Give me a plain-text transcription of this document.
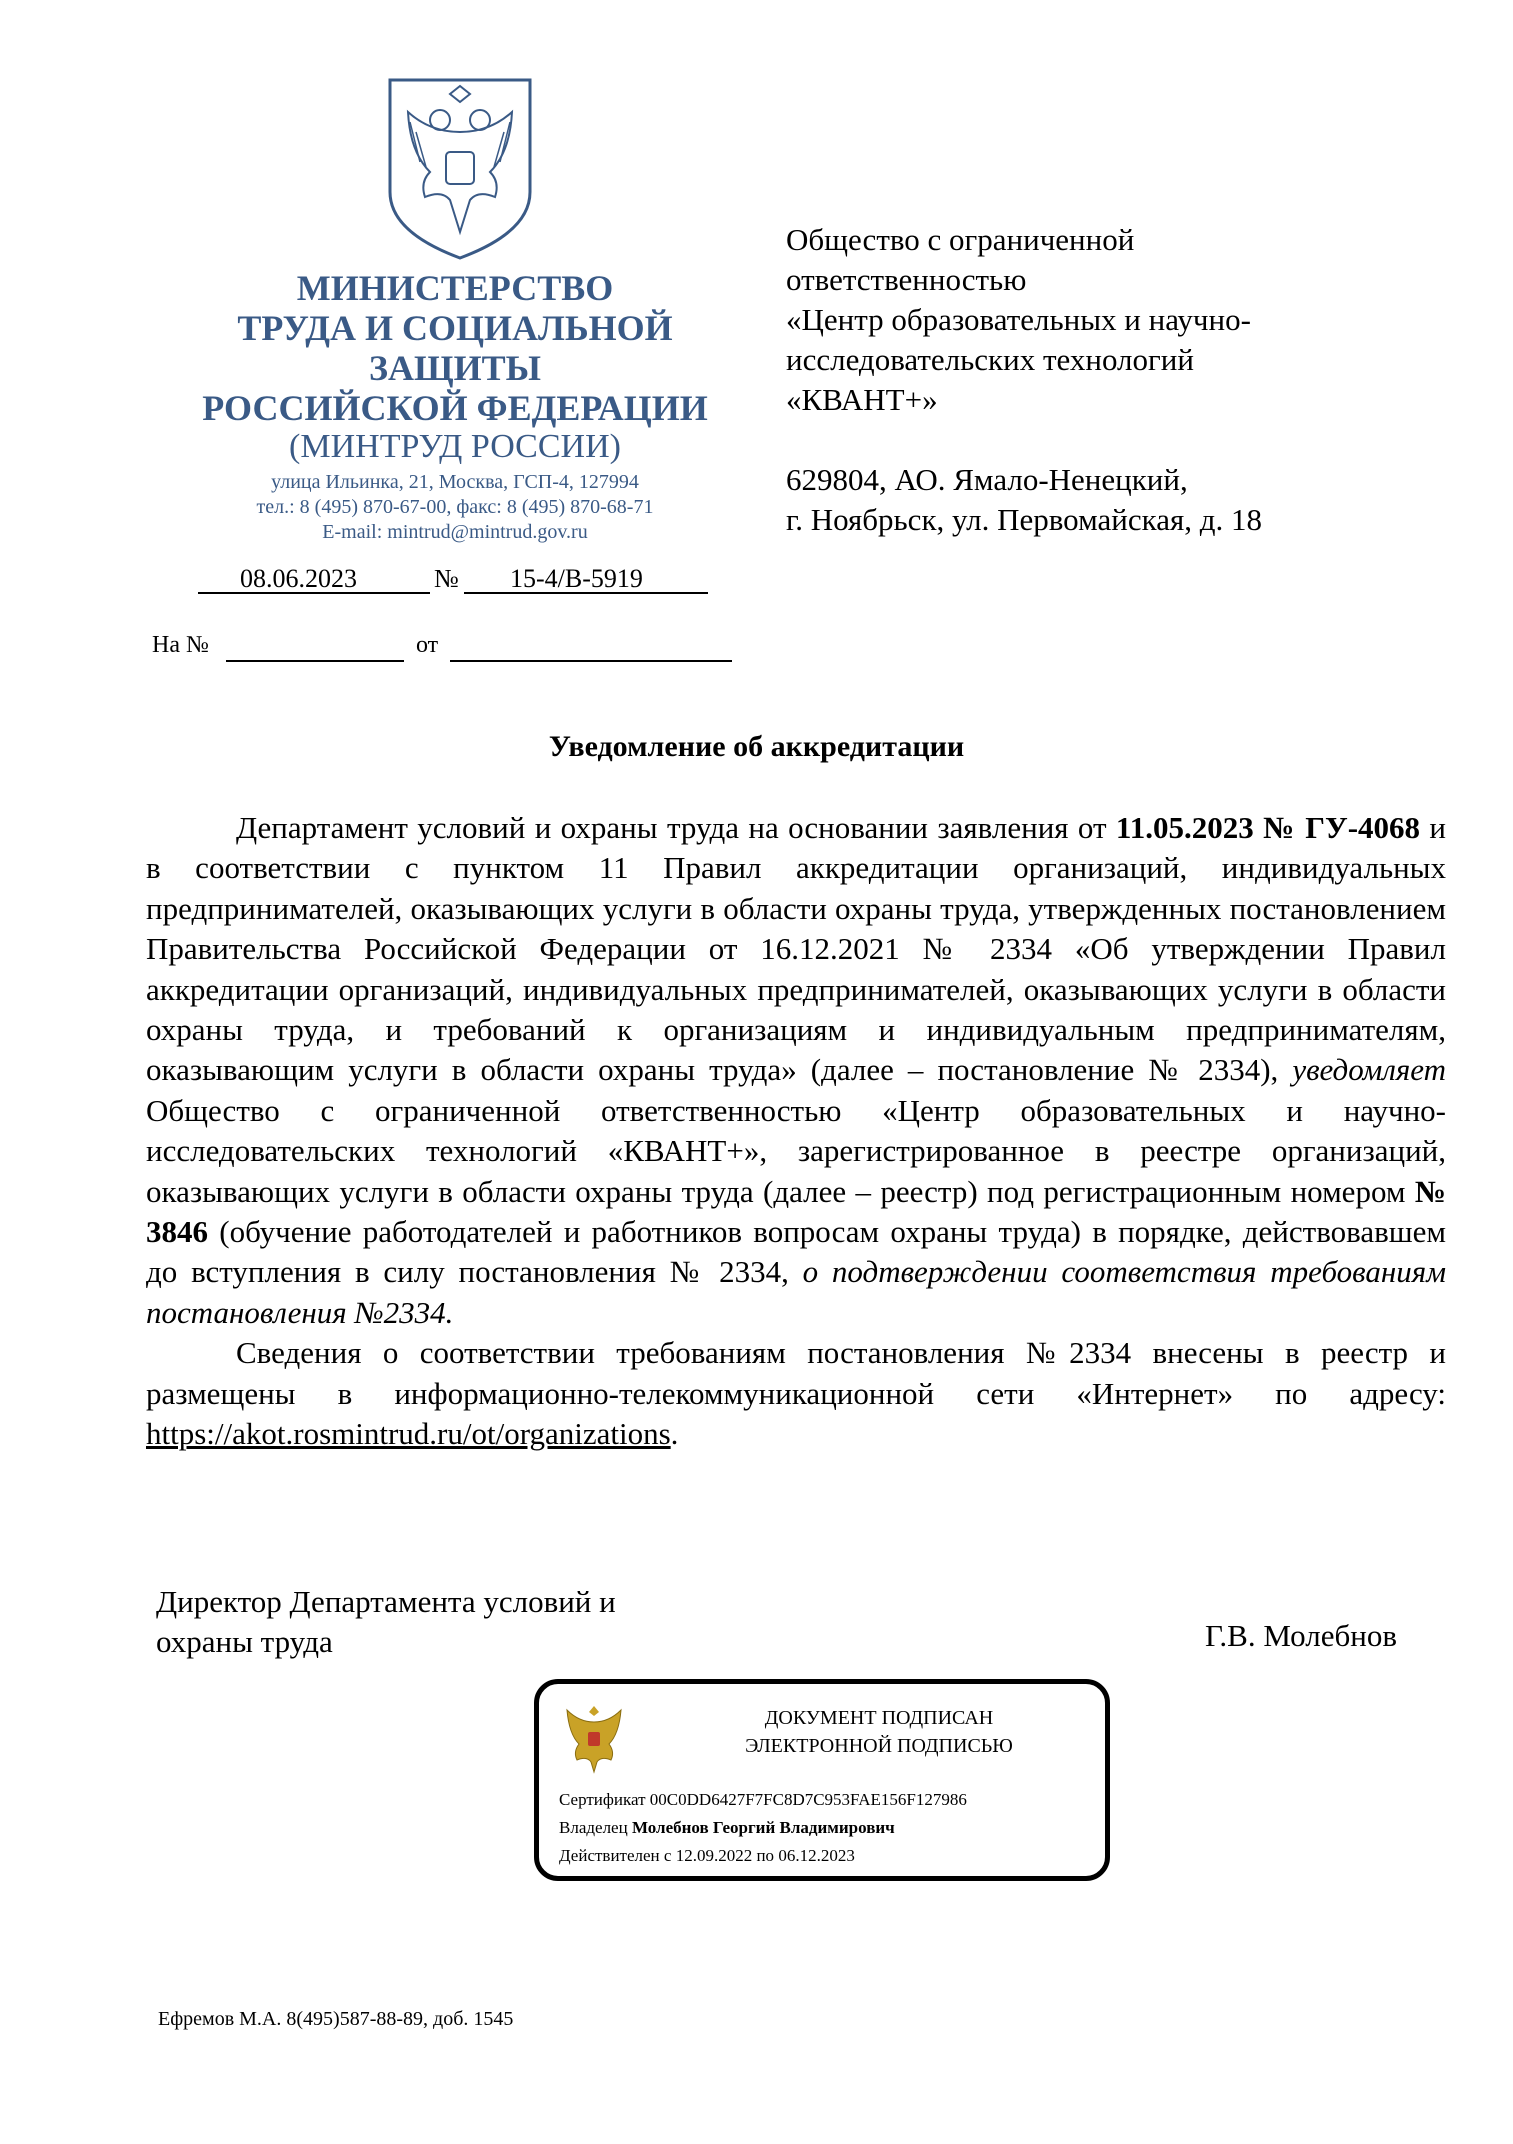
МИНИСТЕРСТВО
ТРУДА И СОЦИАЛЬНОЙ
ЗАЩИТЫ
РОССИЙСКОЙ ФЕДЕРАЦИИ
(МИНТРУД РОССИИ)
улица Ильинка, 21, Москва, ГСП-4, 127994
тел.: 8 (495) 870-67-00, факс: 8 (495) 870-68-71
E-mail: mintrud@mintrud.gov.ru
08.06.2023	№ 15-4/В-5919
На №	от
Общество с ограниченной
ответственностью
«Центр образовательных и научно-
исследовательских технологий
«КВАНТ+»
629804, АО. Ямало-Ненецкий,
г. Ноябрьск, ул. Первомайская, д. 18
Уведомление об аккредитации

Департамент условий и охраны труда на основании заявления от 11.05.2023 № ГУ-4068 и в соответствии с пунктом 11 Правил аккредитации организаций, индивидуальных предпринимателей, оказывающих услуги в области охраны труда, утвержденных постановлением Правительства Российской Федерации от 16.12.2021 № 2334 «Об утверждении Правил аккредитации организаций, индивидуальных предпринимателей, оказывающих услуги в области охраны труда, и требований к организациям и индивидуальным предпринимателям, оказывающим услуги в области охраны труда» (далее – постановление № 2334), уведомляет Общество с ограниченной ответственностью «Центр образовательных и научно-исследовательских технологий «КВАНТ+», зарегистрированное в реестре организаций, оказывающих услуги в области охраны труда (далее – реестр) под регистрационным номером № 3846 (обучение работодателей и работников вопросам охраны труда) в порядке, действовавшем до вступления в силу постановления № 2334, о подтверждении соответствия требованиям постановления №2334.

Сведения о соответствии требованиям постановления №2334 внесены в реестр и размещены в информационно-телекоммуникационной сети «Интернет» по адресу: https://akot.rosmintrud.ru/ot/organizations.

Директор Департамента условий и
охраны труда	Г.В. Молебнов
ДОКУМЕНТ ПОДПИСАН
ЭЛЕКТРОННОЙ ПОДПИСЬЮ
Сертификат 00C0DD6427F7FC8D7C953FAE156F127986
Владелец Молебнов Георгий Владимирович
Действителен с 12.09.2022 по 06.12.2023
Ефремов М.А. 8(495)587-88-89, доб. 1545
